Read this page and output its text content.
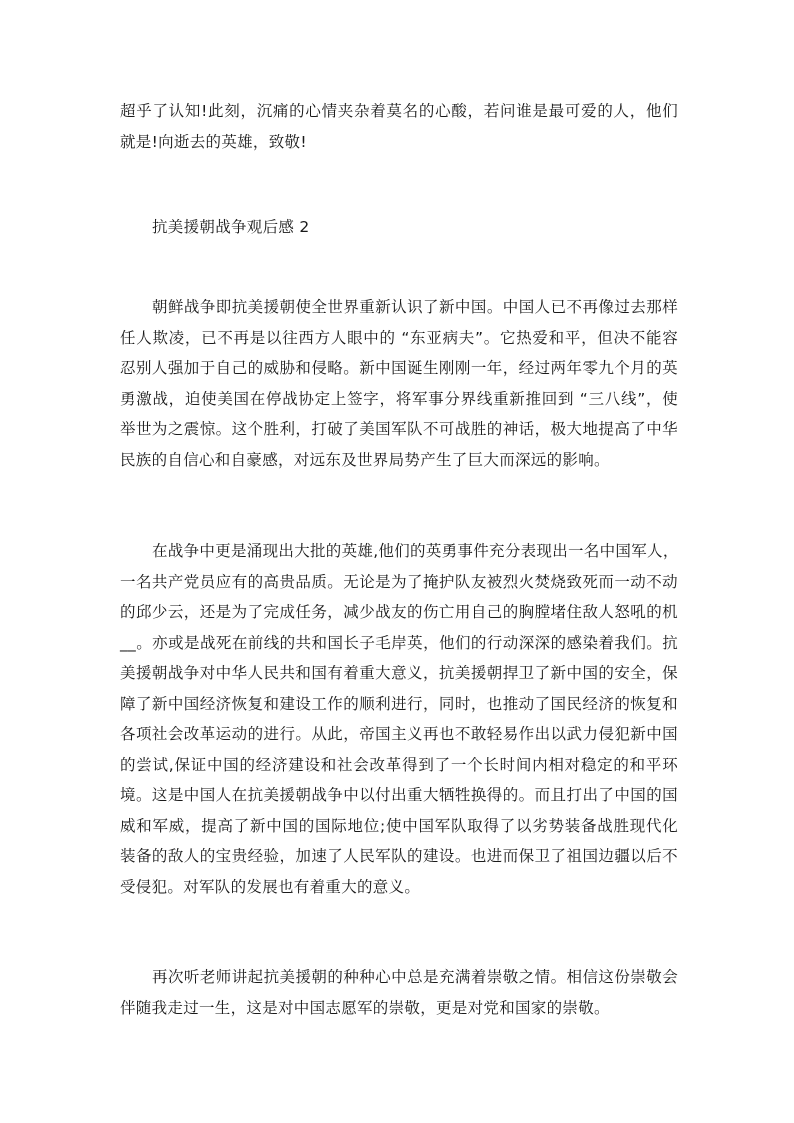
超乎了认知!此刻，沉痛的心情夹杂着莫名的心酸，若问谁是最可爱的人，他们
就是!向逝去的英雄，致敬!
抗美援朝战争观后感 2
朝鲜战争即抗美援朝使全世界重新认识了新中国。中国人已不再像过去那样
任人欺凌，已不再是以往西方人眼中的 “东亚病夫”。它热爱和平，但决不能容
忍别人强加于自己的威胁和侵略。新中国诞生刚刚一年，经过两年零九个月的英
勇激战，迫使美国在停战协定上签字，将军事分界线重新推回到 “三八线”，使
举世为之震惊。这个胜利，打破了美国军队不可战胜的神话，极大地提高了中华
民族的自信心和自豪感，对远东及世界局势产生了巨大而深远的影响。
在战争中更是涌现出大批的英雄,他们的英勇事件充分表现出一名中国军人，
一名共产党员应有的高贵品质。无论是为了掩护队友被烈火焚烧致死而一动不动
的邱少云，还是为了完成任务，减少战友的伤亡用自己的胸膛堵住敌人怒吼的机
__。亦或是战死在前线的共和国长子毛岸英，他们的行动深深的感染着我们。抗
美援朝战争对中华人民共和国有着重大意义，抗美援朝捍卫了新中国的安全，保
障了新中国经济恢复和建设工作的顺利进行，同时，也推动了国民经济的恢复和
各项社会改革运动的进行。从此，帝国主义再也不敢轻易作出以武力侵犯新中国
的尝试,保证中国的经济建设和社会改革得到了一个长时间内相对稳定的和平环
境。这是中国人在抗美援朝战争中以付出重大牺牲换得的。而且打出了中国的国
威和军威，提高了新中国的国际地位;使中国军队取得了以劣势装备战胜现代化
装备的敌人的宝贵经验，加速了人民军队的建设。也进而保卫了祖国边疆以后不
受侵犯。对军队的发展也有着重大的意义。
再次听老师讲起抗美援朝的种种心中总是充满着崇敬之情。相信这份崇敬会
伴随我走过一生，这是对中国志愿军的崇敬，更是对党和国家的崇敬。
